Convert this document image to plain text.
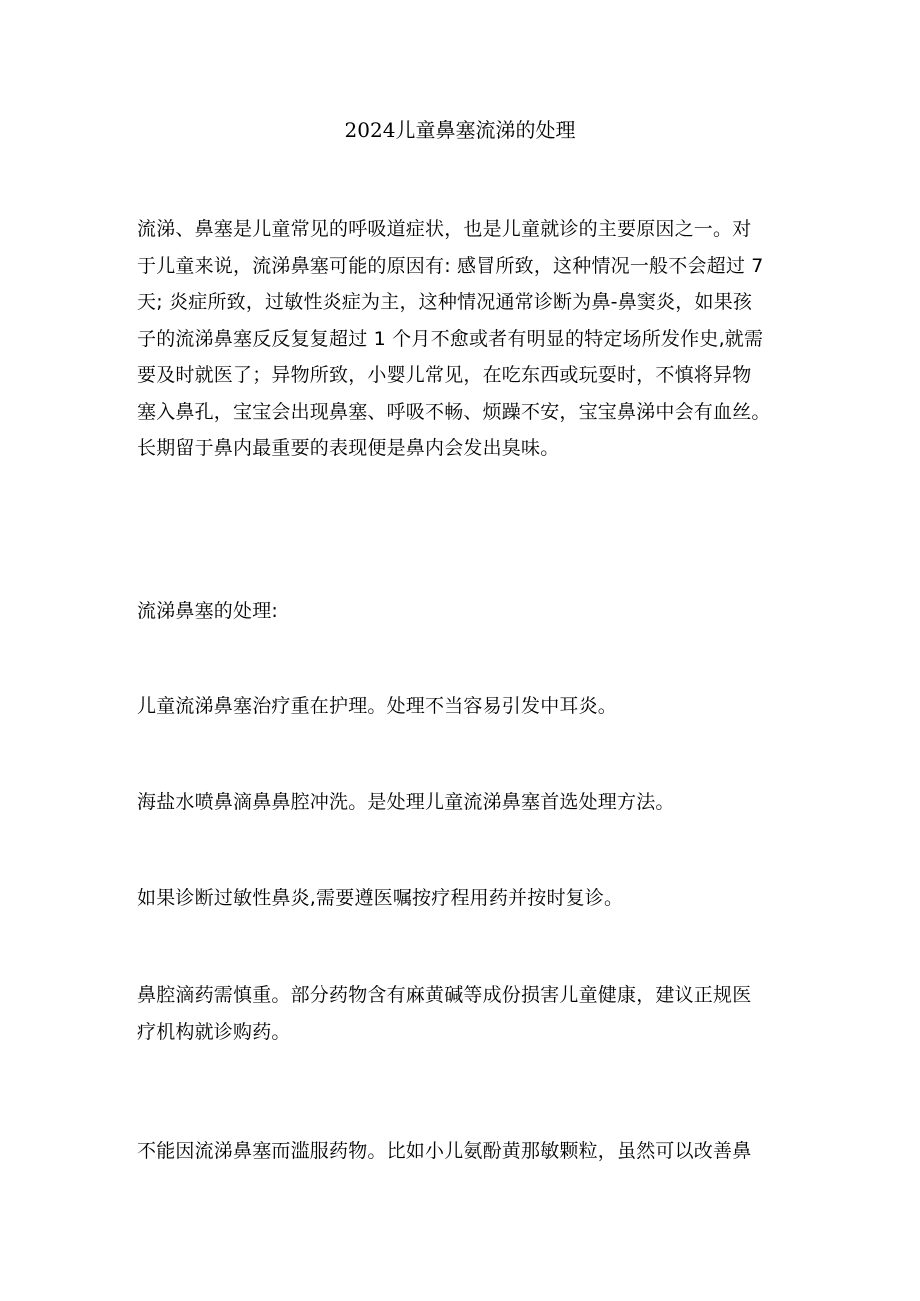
2024儿童鼻塞流涕的处理

流涕、鼻塞是儿童常见的呼吸道症状，也是儿童就诊的主要原因之一。对
于儿童来说，流涕鼻塞可能的原因有: 感冒所致，这种情况一般不会超过 7
天; 炎症所致，过敏性炎症为主，这种情况通常诊断为鼻-鼻窦炎，如果孩
子的流涕鼻塞反反复复超过 1 个月不愈或者有明显的特定场所发作史,就需
要及时就医了；异物所致，小婴儿常见，在吃东西或玩耍时，不慎将异物
塞入鼻孔，宝宝会出现鼻塞、呼吸不畅、烦躁不安，宝宝鼻涕中会有血丝。
长期留于鼻内最重要的表现便是鼻内会发出臭味。

流涕鼻塞的处理:

儿童流涕鼻塞治疗重在护理。处理不当容易引发中耳炎。

海盐水喷鼻滴鼻鼻腔冲洗。是处理儿童流涕鼻塞首选处理方法。

如果诊断过敏性鼻炎,需要遵医嘱按疗程用药并按时复诊。

鼻腔滴药需慎重。部分药物含有麻黄碱等成份损害儿童健康，建议正规医
疗机构就诊购药。

不能因流涕鼻塞而滥服药物。比如小儿氨酚黄那敏颗粒，虽然可以改善鼻
